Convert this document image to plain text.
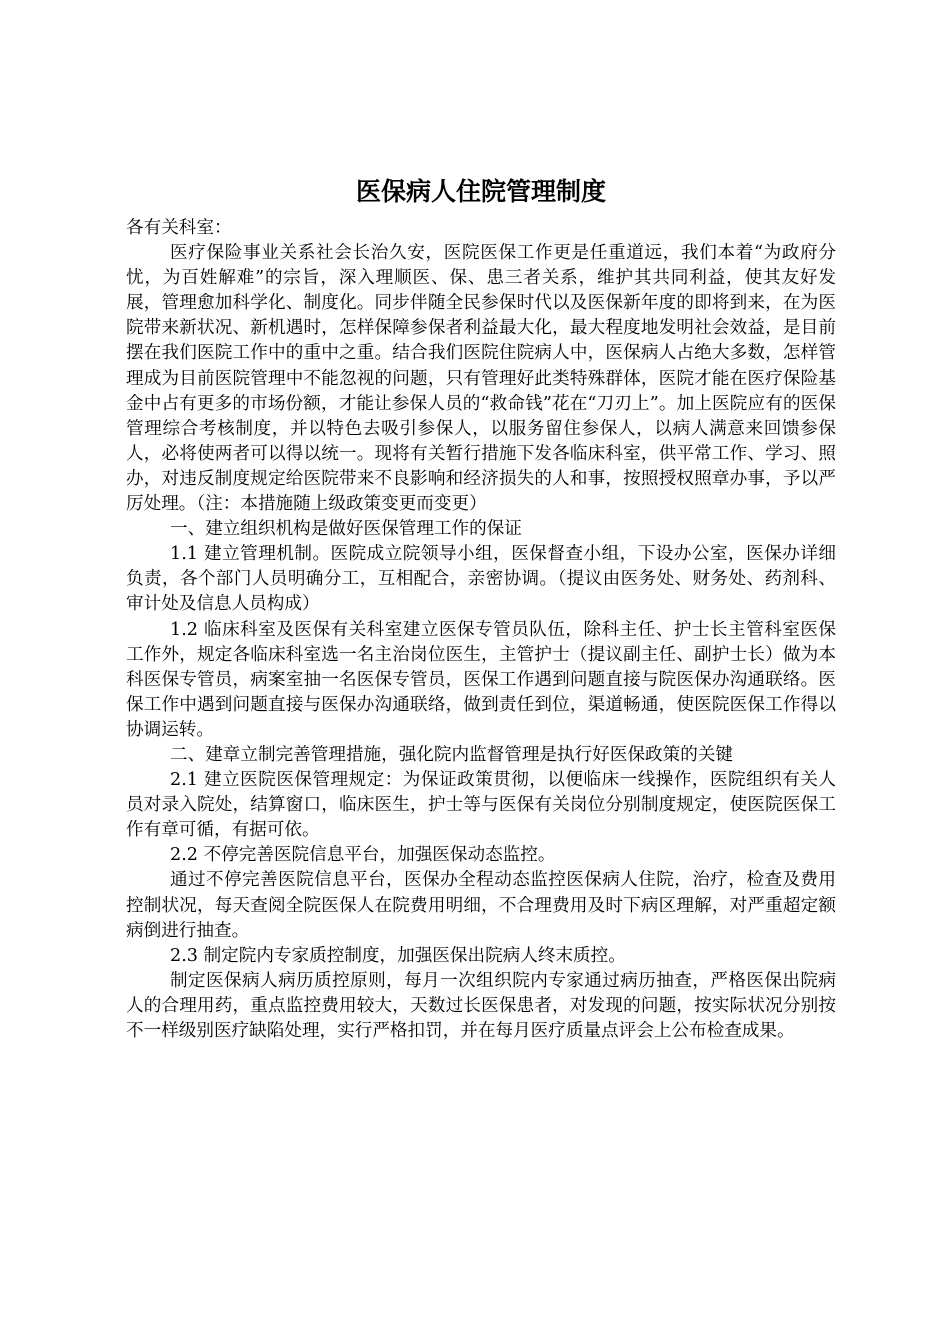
医保病人住院管理制度

各有关科室：

医疗保险事业关系社会长治久安，医院医保工作更是任重道远，我们本着“为政府分忧，为百姓解难”的宗旨，深入理顺医、保、患三者关系，维护其共同利益，使其友好发展，管理愈加科学化、制度化。同步伴随全民参保时代以及医保新年度的即将到来，在为医院带来新状况、新机遇时，怎样保障参保者利益最大化，最大程度地发明社会效益，是目前摆在我们医院工作中的重中之重。结合我们医院住院病人中，医保病人占绝大多数，怎样管理成为目前医院管理中不能忽视的问题，只有管理好此类特殊群体，医院才能在医疗保险基金中占有更多的市场份额，才能让参保人员的“救命钱”花在“刀刃上”。加上医院应有的医保管理综合考核制度，并以特色去吸引参保人，以服务留住参保人，以病人满意来回馈参保人，必将使两者可以得以统一。现将有关暂行措施下发各临床科室，供平常工作、学习、照办，对违反制度规定给医院带来不良影响和经济损失的人和事，按照授权照章办事，予以严厉处理。（注：本措施随上级政策变更而变更）

一、建立组织机构是做好医保管理工作的保证

1.1 建立管理机制。医院成立院领导小组，医保督查小组，下设办公室，医保办详细负责，各个部门人员明确分工，互相配合，亲密协调。（提议由医务处、财务处、药剂科、审计处及信息人员构成）

1.2 临床科室及医保有关科室建立医保专管员队伍，除科主任、护士长主管科室医保工作外，规定各临床科室选一名主治岗位医生，主管护士（提议副主任、副护士长）做为本科医保专管员，病案室抽一名医保专管员，医保工作遇到问题直接与院医保办沟通联络。医保工作中遇到问题直接与医保办沟通联络，做到责任到位，渠道畅通，使医院医保工作得以协调运转。

二、建章立制完善管理措施，强化院内监督管理是执行好医保政策的关键

2.1 建立医院医保管理规定：为保证政策贯彻，以便临床一线操作，医院组织有关人员对录入院处，结算窗口，临床医生，护士等与医保有关岗位分别制度规定，使医院医保工作有章可循，有据可依。

2.2 不停完善医院信息平台，加强医保动态监控。

通过不停完善医院信息平台，医保办全程动态监控医保病人住院，治疗，检查及费用控制状况，每天查阅全院医保人在院费用明细，不合理费用及时下病区理解，对严重超定额病倒进行抽查。

2.3 制定院内专家质控制度，加强医保出院病人终末质控。

制定医保病人病历质控原则，每月一次组织院内专家通过病历抽查，严格医保出院病人的合理用药，重点监控费用较大，天数过长医保患者，对发现的问题，按实际状况分别按不一样级别医疗缺陷处理，实行严格扣罚，并在每月医疗质量点评会上公布检查成果。
